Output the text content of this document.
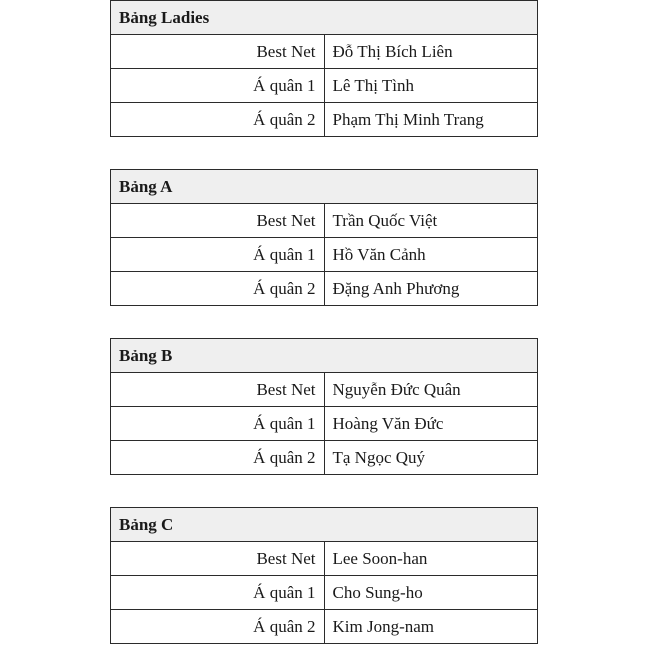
Bảng Ladies	
Best Net	Đỗ Thị Bích Liên
Á quân 1	Lê Thị Tình
Á quân 2	Phạm Thị Minh Trang
Bảng A	
Best Net	Trần Quốc Việt
Á quân 1	Hồ Văn Cảnh
Á quân 2	Đặng Anh Phương
Bảng B	
Best Net	Nguyễn Đức Quân
Á quân 1	Hoàng Văn Đức
Á quân 2	Tạ Ngọc Quý
Bảng C	
Best Net	Lee Soon-han
Á quân 1	Cho Sung-ho
Á quân 2	Kim Jong-nam
